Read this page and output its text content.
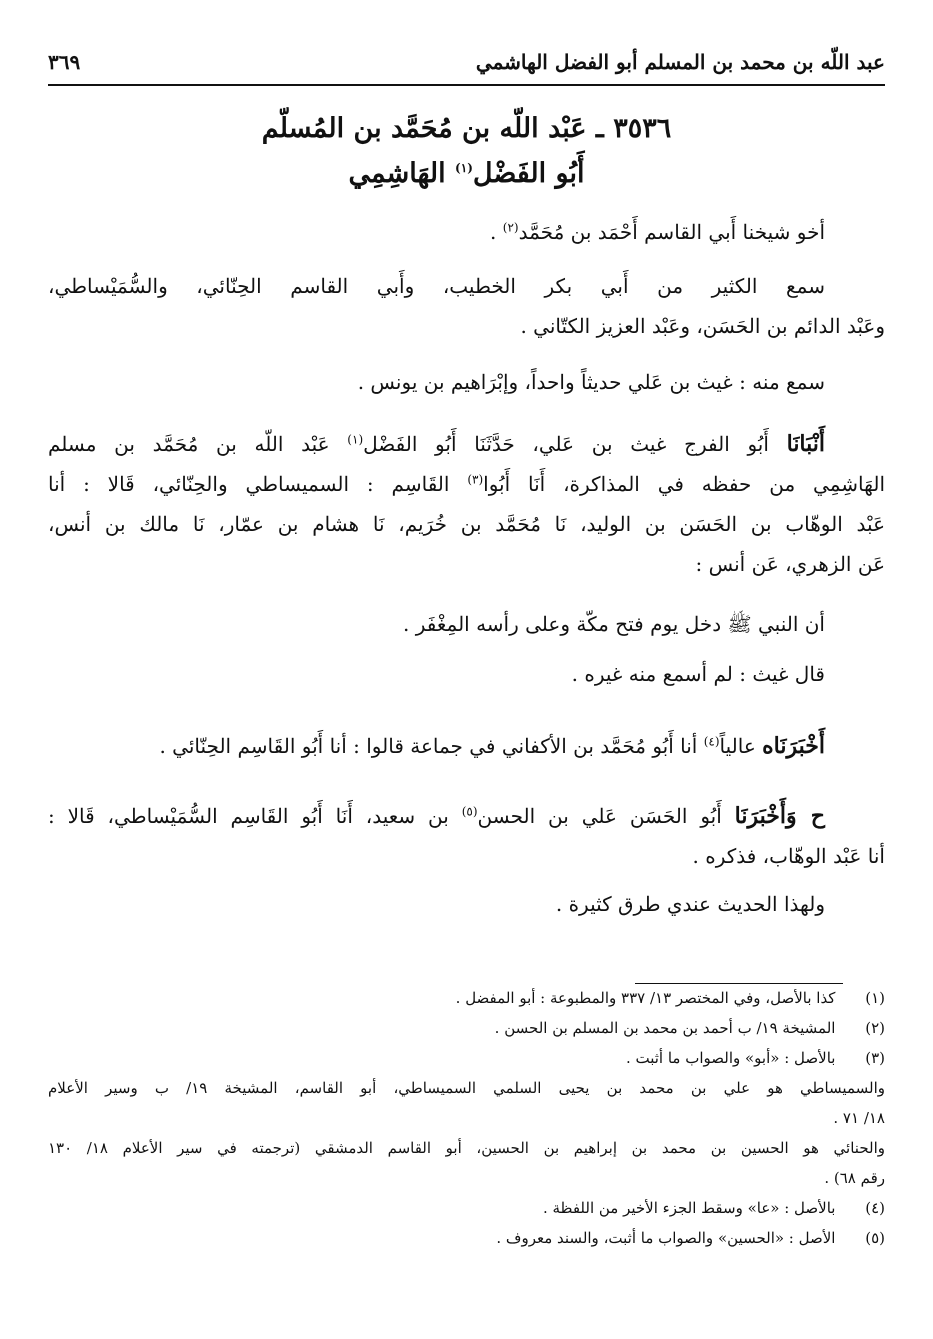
عبد اللّه بن محمد بن المسلم أبو الفضل الهاشمي
٣٦٩
٣٥٣٦ ـ عَبْد اللّه بن مُحَمَّد بن المُسلّم
أَبُو الفَضْل$^{(١)}$ الهَاشِمِي
أخو شيخنا أَبي القاسم أَحْمَد بن مُحَمَّد$^{(٢)}$ .
سمع الكثير من أَبي بكر الخطيب، وأَبي القاسم الحِنّائي، والسُّمَيْساطي،
وعَبْد الدائم بن الحَسَن، وعَبْد العزيز الكتّاني .
سمع منه : غيث بن عَلي حديثاً واحداً، وإبْرَاهيم بن يونس .
أَنْبَانَا أَبُو الفرج غيث بن عَلي، حَدَّثَنَا أَبُو الفَضْل$^{(١)}$ عَبْد اللّه بن مُحَمَّد بن مسلم
الهَاشِمِي من حفظه في المذاكرة، أَنَا أَبُوا$^{(٣)}$ القَاسِم : السميساطي والحِنّائي، قَالا : أنا
عَبْد الوهّاب بن الحَسَن بن الوليد، نَا مُحَمَّد بن خُرَيم، نَا هشام بن عمّار، نَا مالك بن أنس،
عَن الزهري، عَن أنس :
أن النبي ﷺ دخل يوم فتح مكّة وعلى رأسه المِغْفَر .
قال غيث : لم أسمع منه غيره .
أَخْبَرَنَاه عالياً$^{(٤)}$ أنا أَبُو مُحَمَّد بن الأكفاني في جماعة قالوا : أنا أَبُو القَاسِم الحِنّائي .
ح وَأَخْبَرَنَا أَبُو الحَسَن عَلي بن الحسن$^{(٥)}$ بن سعيد، أَنَا أَبُو القَاسِم السُّمَيْساطي، قَالا :
أنا عَبْد الوهّاب، فذكره .
ولهذا الحديث عندي طرق كثيرة .
(١)  كذا بالأصل، وفي المختصر ١٣/ ٣٣٧ والمطبوعة : أبو المفضل .
(٢)  المشيخة ١٩/ ب أحمد بن محمد بن المسلم بن الحسن .
(٣)  بالأصل : «أبو» والصواب ما أثبت .
والسميساطي هو علي بن محمد بن يحيى السلمي السميساطي، أبو القاسم، المشيخة ١٩/ ب وسير الأعلام
١٨/ ٧١ .
والحنائي هو الحسين بن محمد بن إبراهيم بن الحسين، أبو القاسم الدمشقي (ترجمته في سير الأعلام ١٨/ ١٣٠
رقم ٦٨) .
(٤)  بالأصل : «عا» وسقط الجزء الأخير من اللفظة .
(٥)  الأصل : «الحسين» والصواب ما أثبت، والسند معروف .
